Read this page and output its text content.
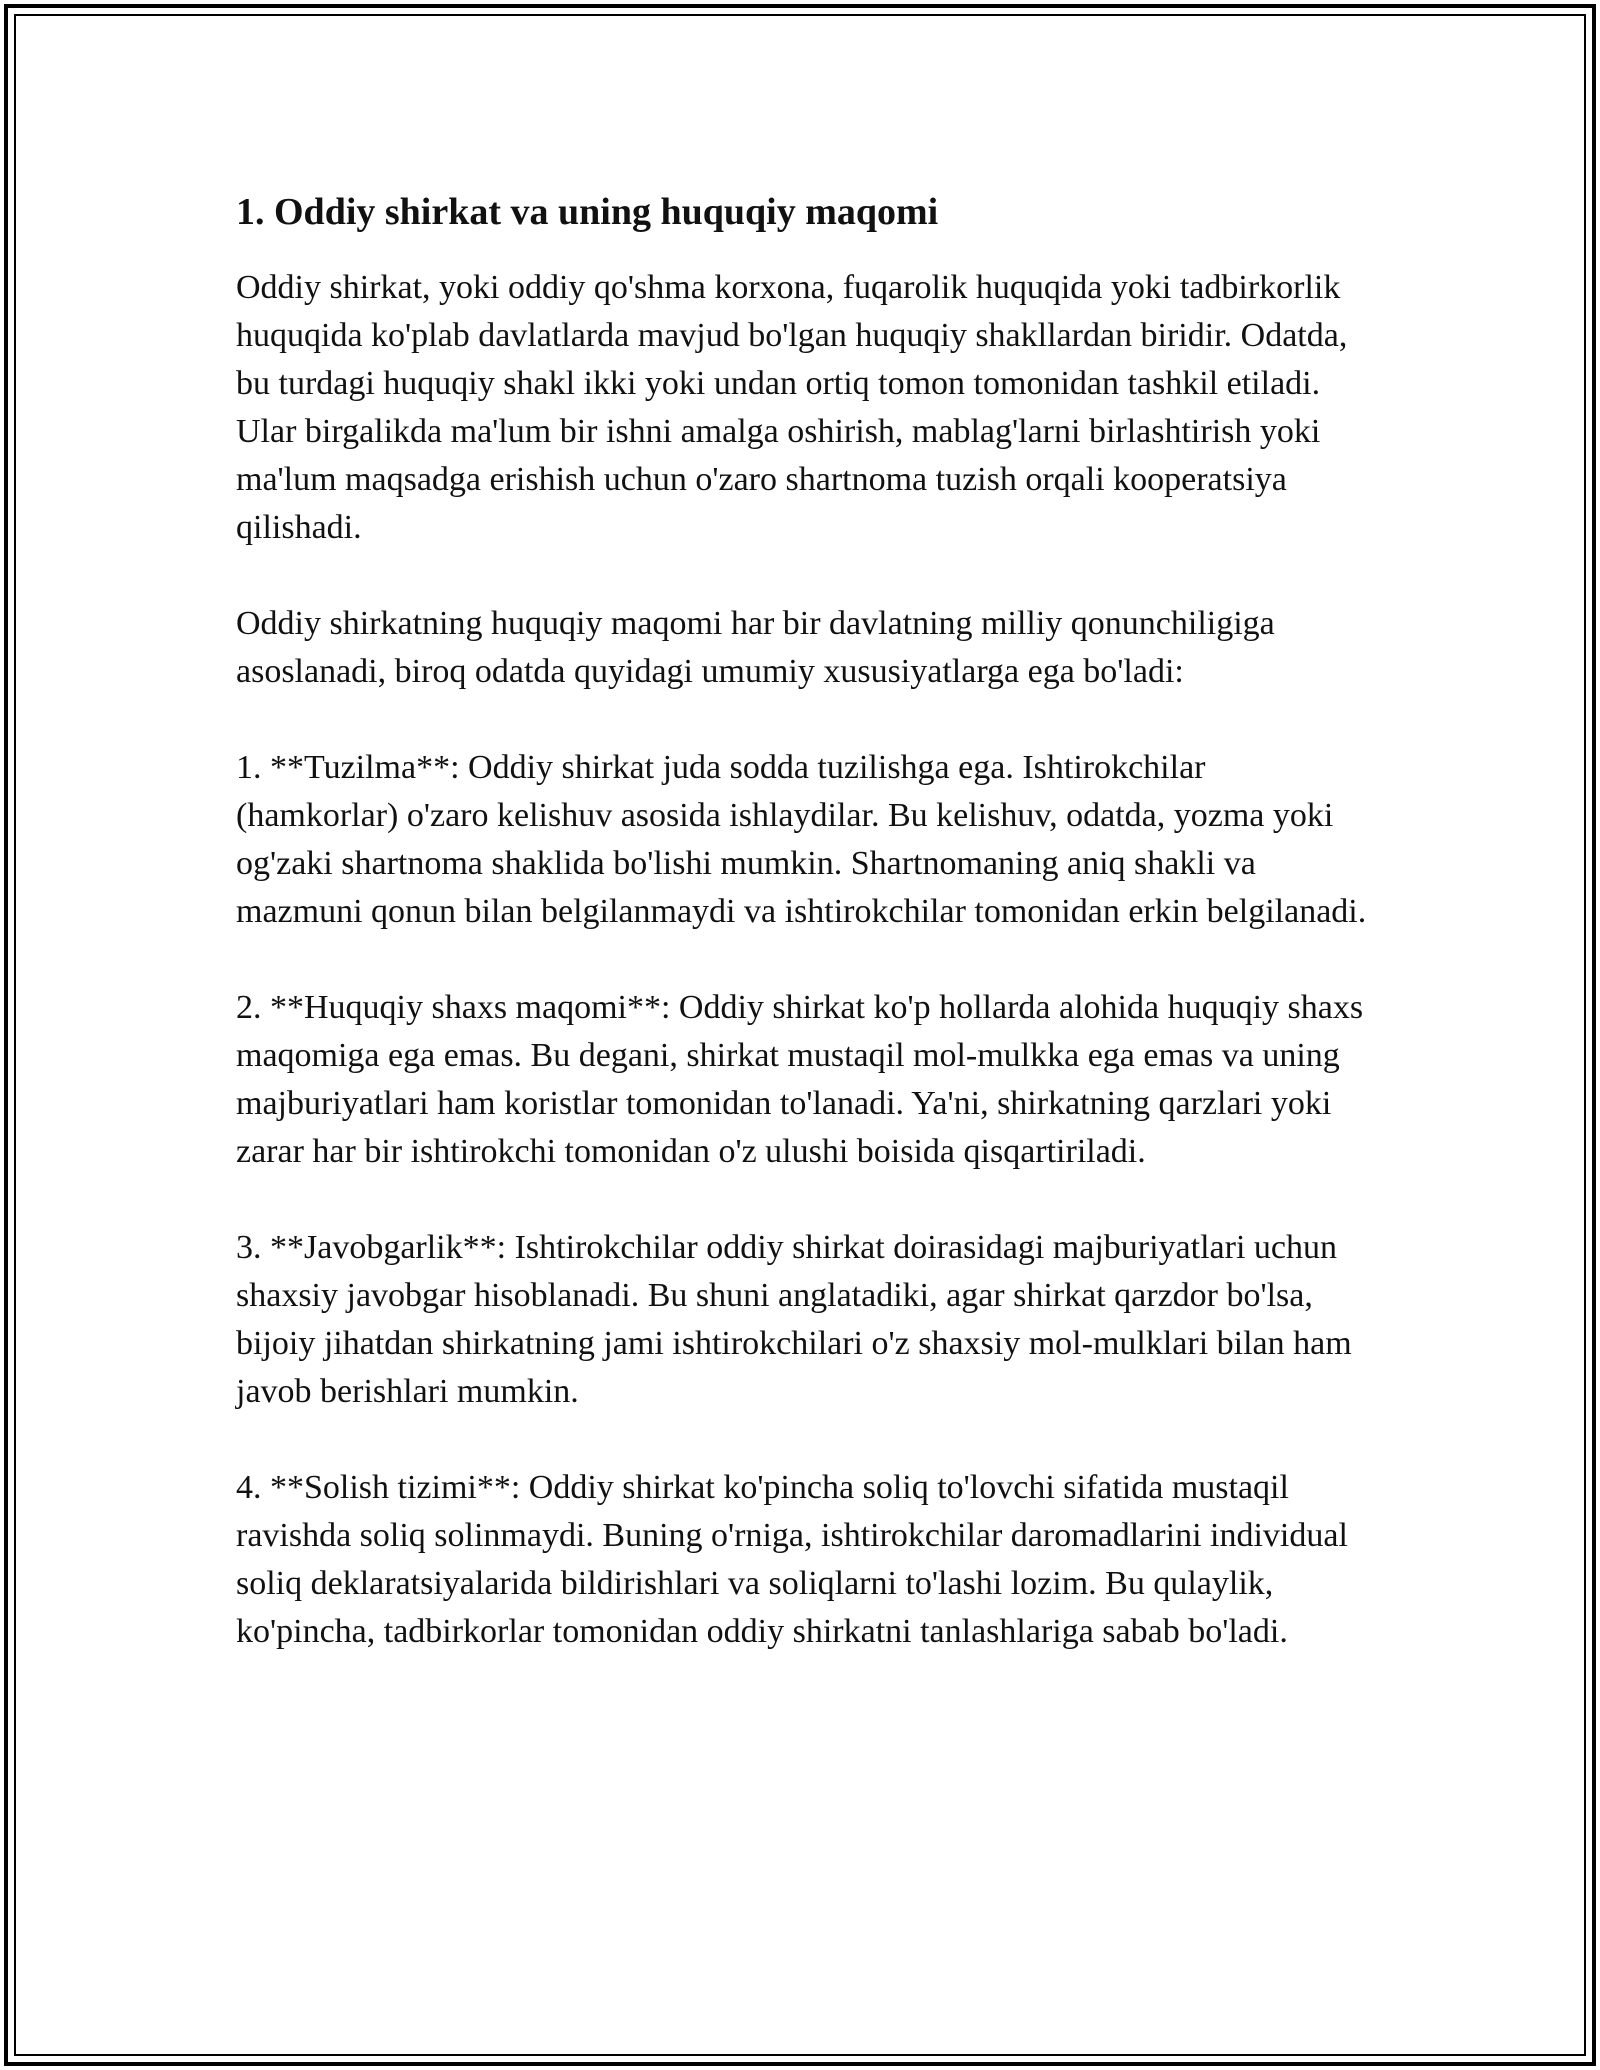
1. Oddiy shirkat va uning huquqiy maqomi

Oddiy shirkat, yoki oddiy qo'shma korxona, fuqarolik huquqida yoki tadbirkorlik huquqida ko'plab davlatlarda mavjud bo'lgan huquqiy shakllardan biridir. Odatda, bu turdagi huquqiy shakl ikki yoki undan ortiq tomon tomonidan tashkil etiladi. Ular birgalikda ma'lum bir ishni amalga oshirish, mablag'larni birlashtirish yoki ma'lum maqsadga erishish uchun o'zaro shartnoma tuzish orqali kooperatsiya qilishadi.

Oddiy shirkatning huquqiy maqomi har bir davlatning milliy qonunchiligiga asoslanadi, biroq odatda quyidagi umumiy xususiyatlarga ega bo'ladi:

1. **Tuzilma**: Oddiy shirkat juda sodda tuzilishga ega. Ishtirokchilar (hamkorlar) o'zaro kelishuv asosida ishlaydilar. Bu kelishuv, odatda, yozma yoki og'zaki shartnoma shaklida bo'lishi mumkin. Shartnomaning aniq shakli va mazmuni qonun bilan belgilanmaydi va ishtirokchilar tomonidan erkin belgilanadi.

2. **Huquqiy shaxs maqomi**: Oddiy shirkat ko'p hollarda alohida huquqiy shaxs maqomiga ega emas. Bu degani, shirkat mustaqil mol-mulkka ega emas va uning majburiyatlari ham koristlar tomonidan to'lanadi. Ya'ni, shirkatning qarzlari yoki zarar har bir ishtirokchi tomonidan o'z ulushi boisida qisqartiriladi.

3. **Javobgarlik**: Ishtirokchilar oddiy shirkat doirasidagi majburiyatlari uchun shaxsiy javobgar hisoblanadi. Bu shuni anglatadiki, agar shirkat qarzdor bo'lsa, bijoiy jihatdan shirkatning jami ishtirokchilari o'z shaxsiy mol-mulklari bilan ham javob berishlari mumkin.

4. **Solish tizimi**: Oddiy shirkat ko'pincha soliq to'lovchi sifatida mustaqil ravishda soliq solinmaydi. Buning o'rniga, ishtirokchilar daromadlarini individual soliq deklaratsiyalarida bildirishlari va soliqlarni to'lashi lozim. Bu qulaylik, ko'pincha, tadbirkorlar tomonidan oddiy shirkatni tanlashlariga sabab bo'ladi.
